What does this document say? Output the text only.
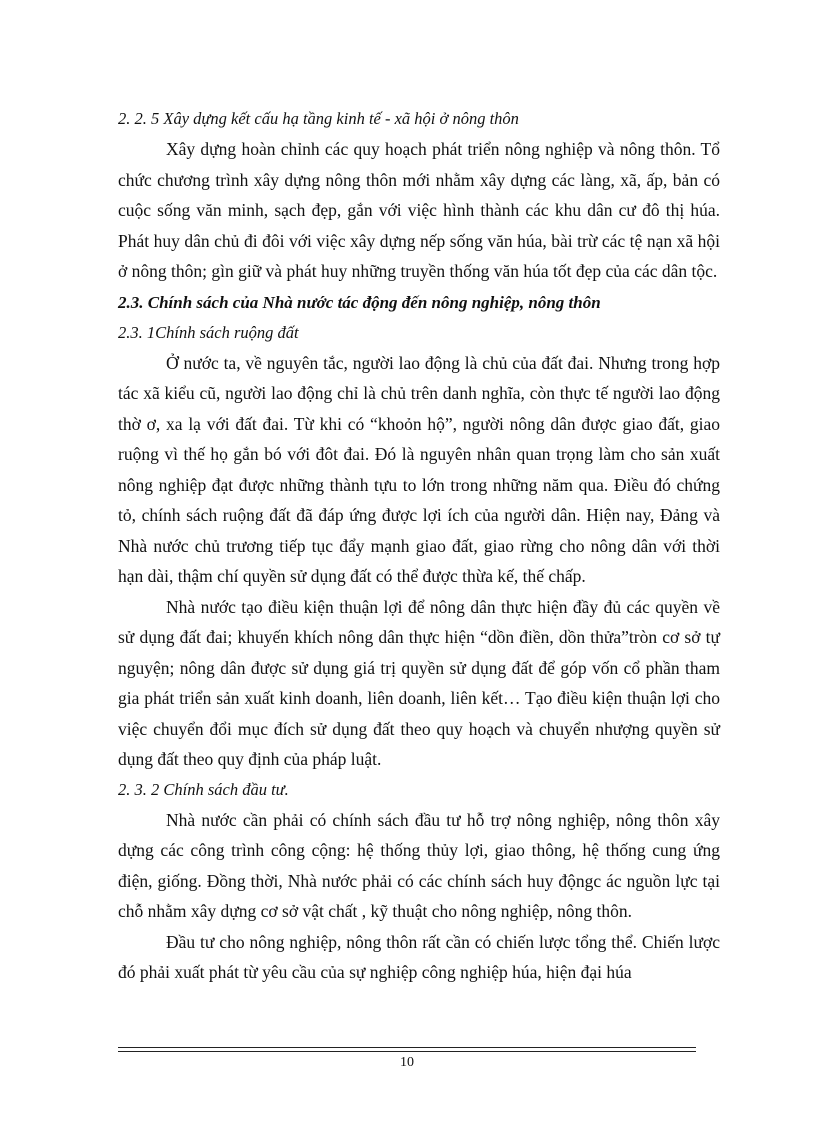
2. 2. 5 Xây dựng kết cấu hạ tầng kinh tế - xã hội ở nông thôn

Xây dựng hoàn chỉnh các quy hoạch phát triển nông nghiệp và nông thôn. Tổ chức chương trình xây dựng nông thôn mới nhằm xây dựng các làng, xã, ấp, bản có cuộc sống văn minh, sạch đẹp, gắn với việc hình thành các khu dân cư đô thị húa. Phát huy dân chủ đi đôi với việc xây dựng nếp sống văn húa, bài trừ các tệ nạn xã hội ở nông thôn; gìn giữ và phát huy những truyền thống văn húa tốt đẹp của các dân tộc.

2.3. Chính sách của Nhà nước tác động đến nông nghiệp, nông thôn

2.3. 1Chính sách ruộng đất

Ở nước ta, về nguyên tắc, người lao động là chủ của đất đai. Nhưng trong hợp tác xã kiểu cũ, người lao động chỉ là chủ trên danh nghĩa, còn thực tế người lao động thờ ơ, xa lạ với đất đai. Từ khi có “khoỏn hộ”, người nông dân được giao đất, giao ruộng vì thế họ gắn bó với đôt đai. Đó là nguyên nhân quan trọng làm cho sản xuất nông nghiệp đạt được những thành tựu to lớn trong những năm qua. Điều đó chứng tỏ, chính sách ruộng đất đã đáp ứng được lợi ích của người dân. Hiện nay, Đảng và Nhà nước chủ trương tiếp tục đẩy mạnh giao đất, giao rừng cho nông dân với thời hạn dài, thậm chí quyền sử dụng đất có thể được thừa kế, thế chấp.

Nhà nước tạo điều kiện thuận lợi để nông dân thực hiện đầy đủ các quyền về sử dụng đất đai; khuyến khích nông dân thực hiện “dồn điền, dồn thửa”tròn cơ sở tự nguyện; nông dân được sử dụng giá trị quyền sử dụng đất để góp vốn cổ phần tham gia phát triển sản xuất kinh doanh, liên doanh, liên kết… Tạo điều kiện thuận lợi cho việc chuyển đổi mục đích sử dụng đất theo quy hoạch và chuyển nhượng quyền sử dụng đất theo quy định của pháp luật.

2. 3. 2 Chính sách đầu tư.

Nhà nước cần phải có chính sách đầu tư hỗ trợ nông nghiệp, nông thôn xây dựng các công trình công cộng: hệ thống thủy lợi, giao thông, hệ thống cung ứng điện, giống. Đồng thời, Nhà nước phải có các chính sách huy độngc ác nguồn lực tại chỗ nhằm xây dựng cơ sở vật chất , kỹ thuật cho nông nghiệp, nông thôn.

Đầu tư cho nông nghiệp, nông thôn rất cần có chiến lược tổng thể. Chiến lược đó phải xuất phát từ yêu cầu của sự nghiệp công nghiệp húa, hiện đại húa

10
